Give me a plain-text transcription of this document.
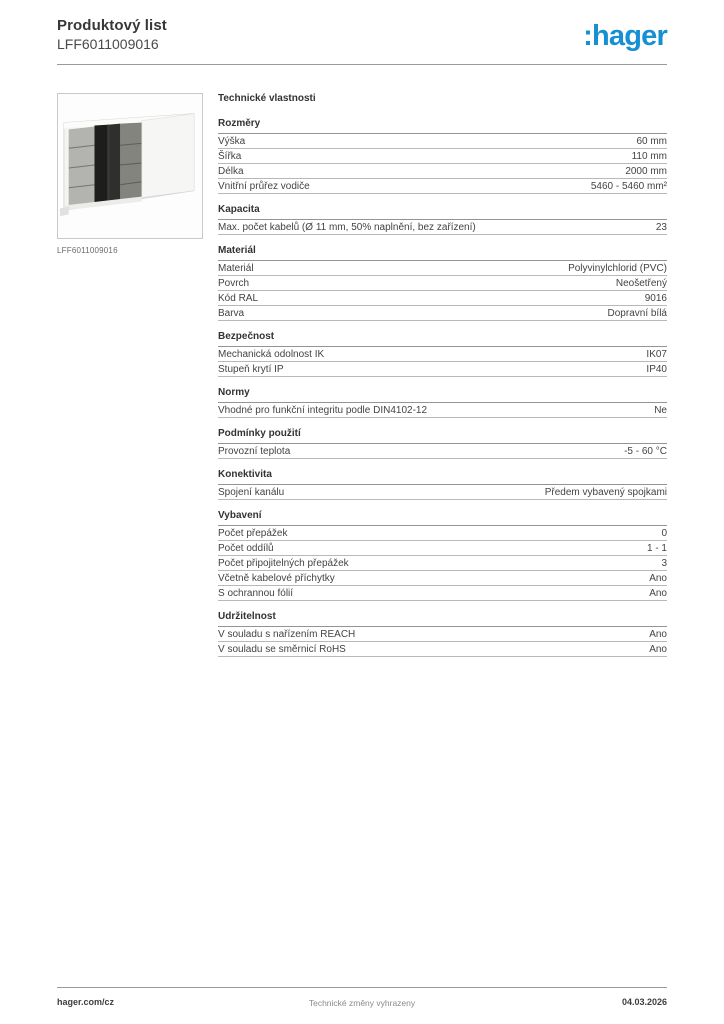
Produktový list
LFF6011009016	:hager
LFF6011009016
Technické vlastnosti
Rozměry
Výška	60 mm
Šířka	110 mm
Délka	2000 mm
Vnitřní průřez vodiče	5460 - 5460 mm²
Kapacita
Max. počet kabelů (Ø 11 mm, 50% naplnění, bez zařízení)	23
Materiál
Materiál	Polyvinylchlorid (PVC)
Povrch	Neošetřený
Kód RAL	9016
Barva	Dopravní bílá
Bezpečnost
Mechanická odolnost IK	IK07
Stupeň krytí IP	IP40
Normy
Vhodné pro funkční integritu podle DIN4102-12	Ne
Podmínky použití
Provozní teplota	-5 - 60 °C
Konektivita
Spojení kanálu	Předem vybavený spojkami
Vybavení
Počet přepážek	0
Počet oddílů	1 - 1
Počet připojitelných přepážek	3
Včetně kabelové příchytky	Ano
S ochrannou fólií	Ano
Udržitelnost
V souladu s nařízením REACH	Ano
V souladu se směrnicí RoHS	Ano
hager.com/cz	Technické změny vyhrazeny	04.03.2026
